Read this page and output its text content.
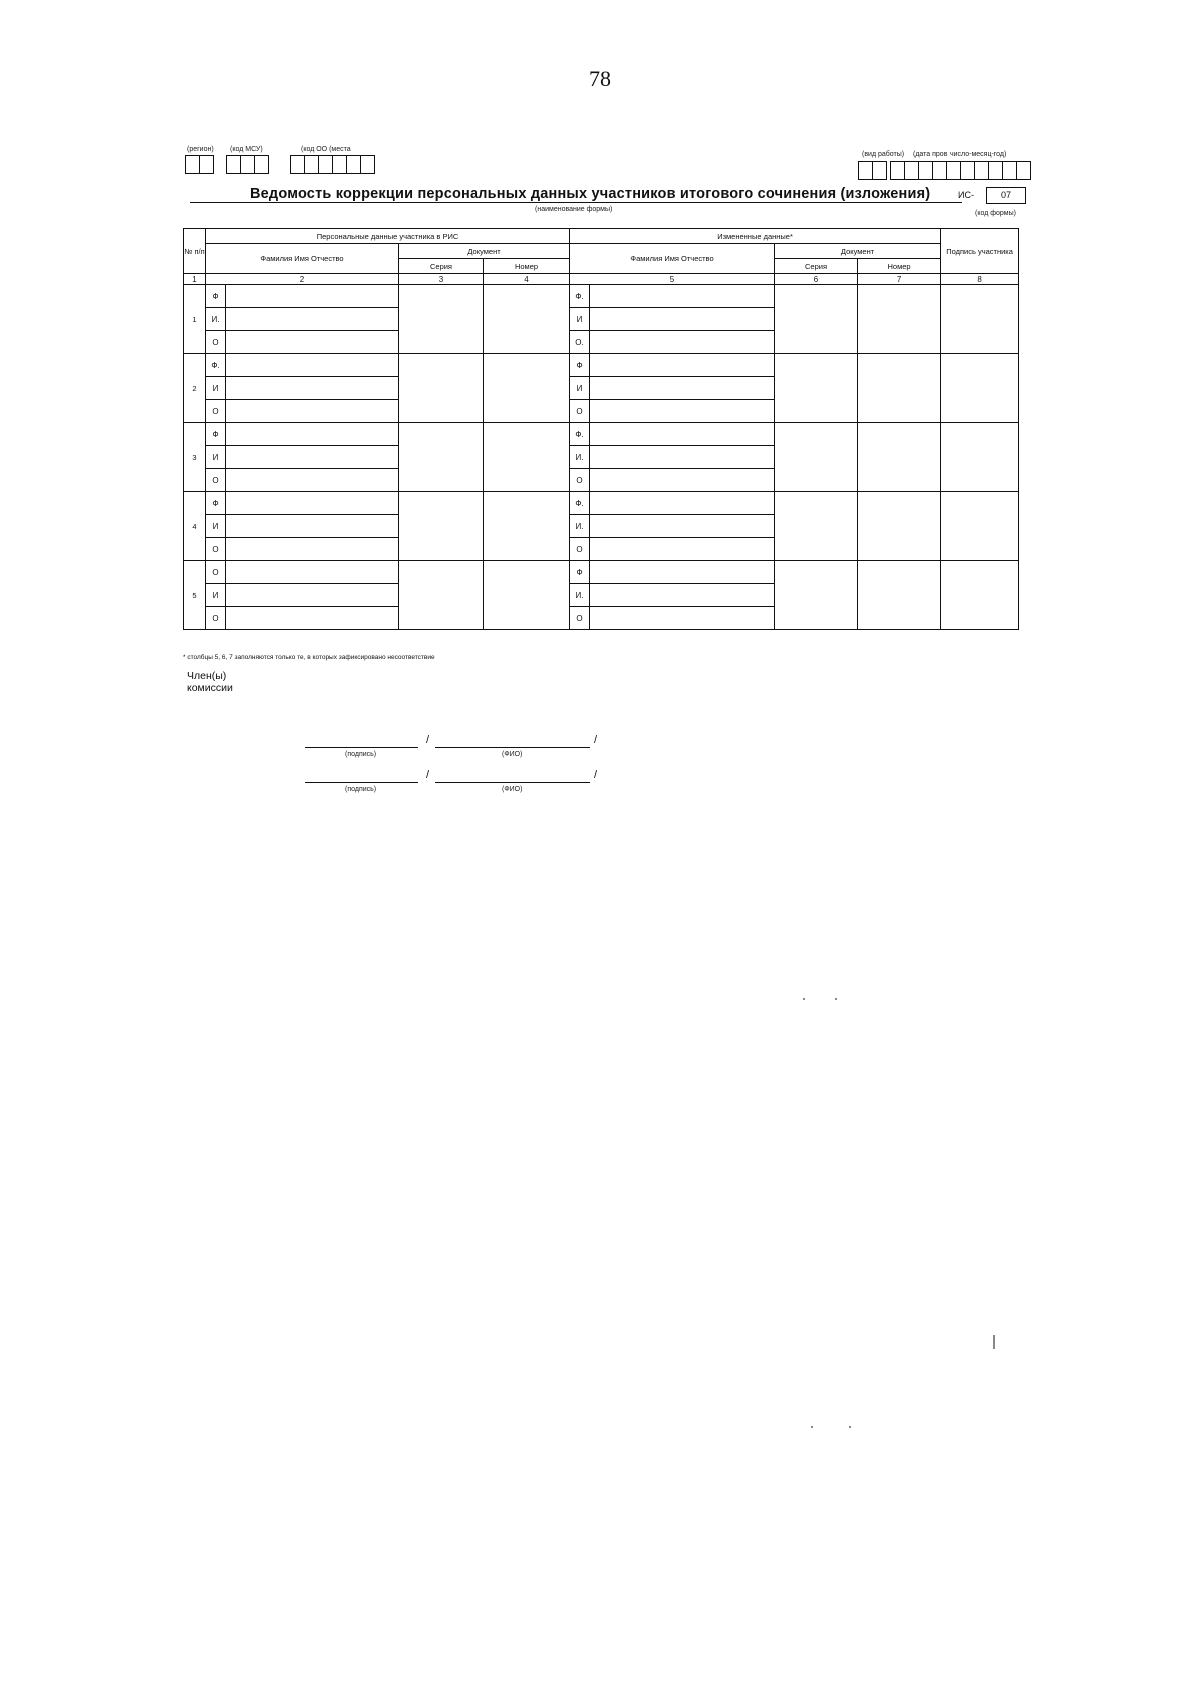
78
(регион) (код МСУ)	(код ОО (места
(вид работы) (дата пров число-месяц-год)
Ведомость коррекции персональных данных участников итогового сочинения (изложения)
(наименование формы)
ИС-	07
(код формы)
№ п/п	Персональные данные участника в РИС				Измененные данные*				Подпись участника
	Фамилия Имя Отчество		Документ		Фамилия Имя Отчество		Документ		
			Серия	Номер			Серия	Номер	
1	2		3	4	5		6	7	8
1	Ф				Ф.				
	И.				И				
	О				О.				
2	Ф.				Ф				
	И				И				
	О				О				
3	Ф				Ф.				
	И				И.				
	О				О				
4	Ф				Ф.				
	И				И.				
	О				О				
5	О				Ф				
	И				И.				
	О				О				
* столбцы 5, 6, 7 заполняются только те, в которых зафиксировано несоответствие
Член(ы)
комиссии
/	/
(подпись)	(ФИО)
/	/
(подпись)	(ФИО)
